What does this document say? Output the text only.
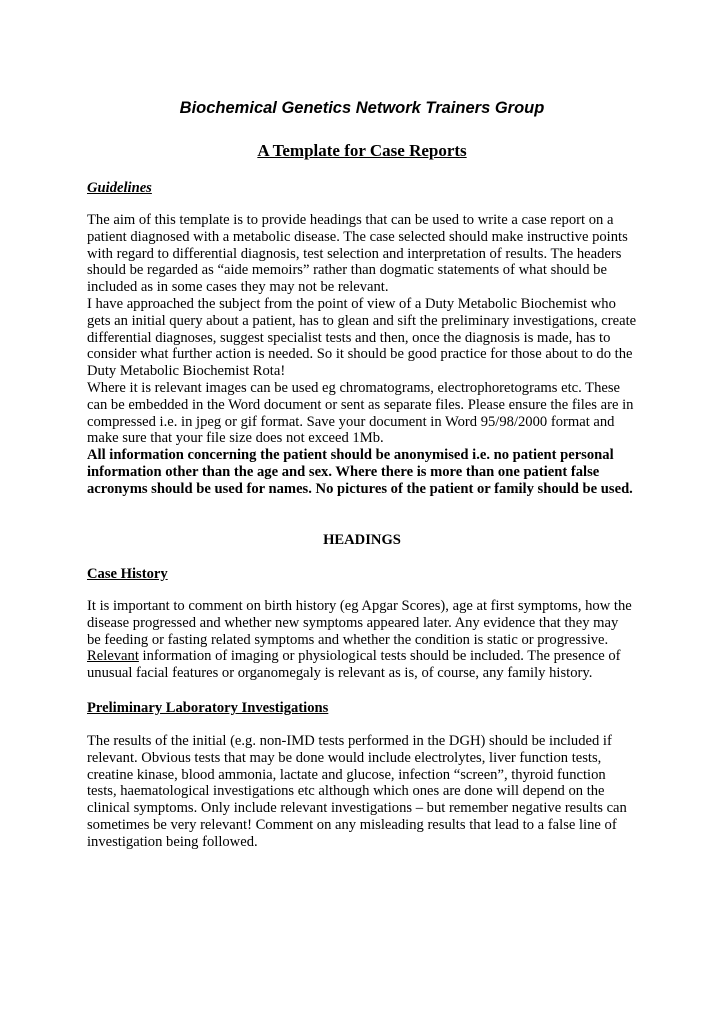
Biochemical Genetics Network Trainers Group
A Template for Case Reports
Guidelines
The aim of this template is to provide headings that can be used to write a case report on a
patient diagnosed with a metabolic disease. The case selected should make instructive points
with regard to differential diagnosis, test selection and interpretation of results. The headers
should be regarded as “aide memoirs” rather than dogmatic statements of what should be
included as in some cases they may not be relevant.
I have approached the subject from the point of view of a Duty Metabolic Biochemist who
gets an initial query about a patient, has to glean and sift the preliminary investigations, create
differential diagnoses, suggest specialist tests and then, once the diagnosis is made, has to
consider what further action is needed. So it should be good practice for those about to do the
Duty Metabolic Biochemist Rota!
Where it is relevant images can be used eg chromatograms, electrophoretograms etc. These
can be embedded in the Word document or sent as separate files. Please ensure the files are in
compressed i.e. in jpeg or gif format. Save your document in Word 95/98/2000 format and
make sure that your file size does not exceed 1Mb.
All information concerning the patient should be anonymised i.e. no patient personal
information other than the age and sex. Where there is more than one patient false
acronyms should be used for names. No pictures of the patient or family should be used.
HEADINGS
Case History
It is important to comment on birth history (eg Apgar Scores), age at first symptoms, how the
disease progressed and whether new symptoms appeared later. Any evidence that they may
be feeding or fasting related symptoms and whether the condition is static or progressive.
Relevant information of imaging or physiological tests should be included. The presence of
unusual facial features or organomegaly is relevant as is, of course, any family history.
Preliminary Laboratory Investigations
The results of the initial (e.g. non-IMD tests performed in the DGH) should be included if
relevant. Obvious tests that may be done would include electrolytes, liver function tests,
creatine kinase, blood ammonia, lactate and glucose, infection “screen”, thyroid function
tests, haematological investigations etc although which ones are done will depend on the
clinical symptoms. Only include relevant investigations – but remember negative results can
sometimes be very relevant! Comment on any misleading results that lead to a false line of
investigation being followed.
